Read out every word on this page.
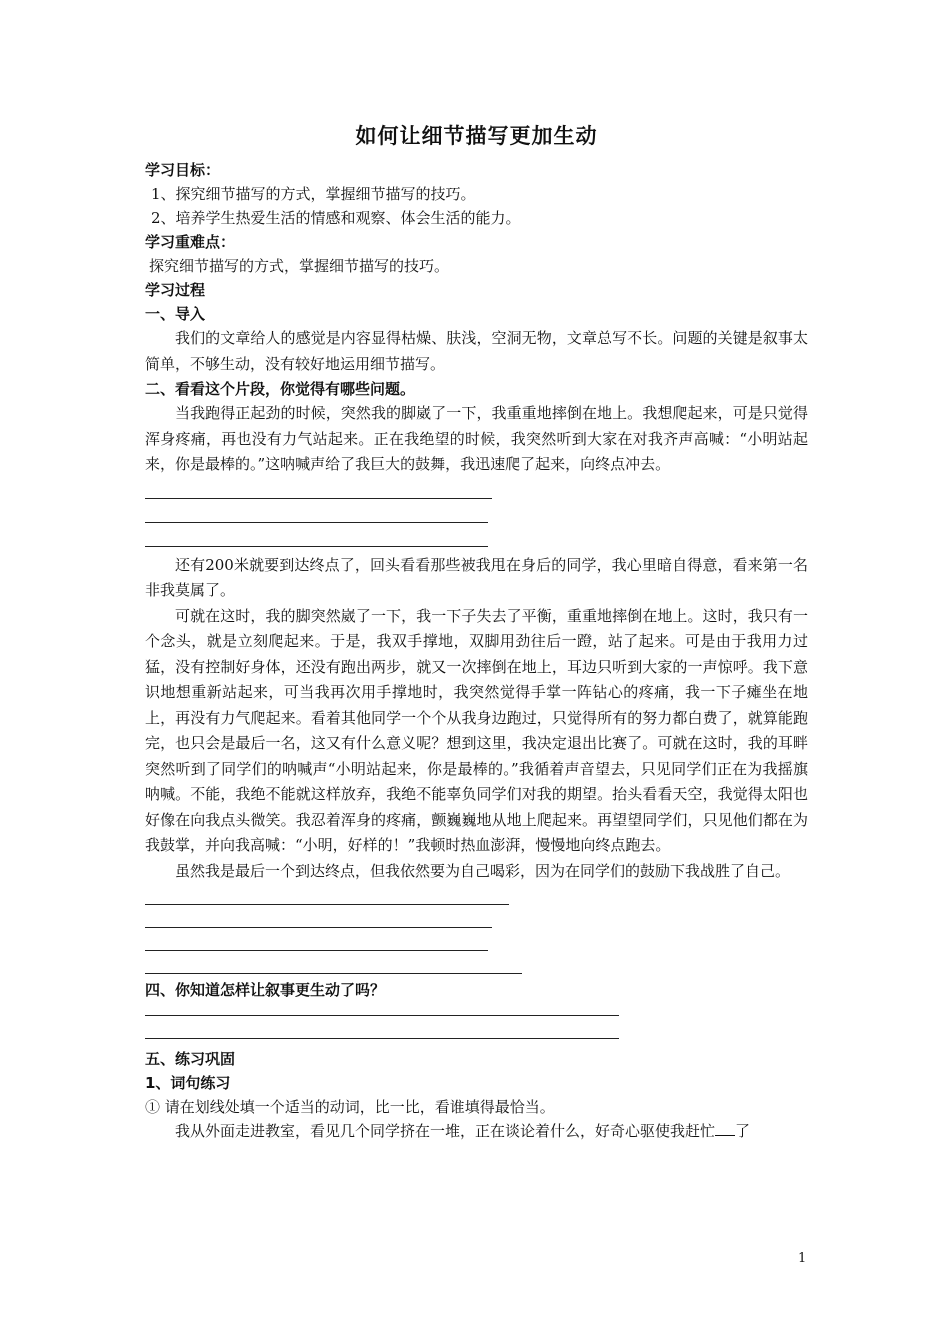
如何让细节描写更加生动
学习目标：
1、探究细节描写的方式，掌握细节描写的技巧。
2、培养学生热爱生活的情感和观察、体会生活的能力。
学习重难点：
探究细节描写的方式，掌握细节描写的技巧。
学习过程
一、导入

我们的文章给人的感觉是内容显得枯燥、肤浅，空洞无物，文章总写不长。问题的关键是叙事太简单，不够生动，没有较好地运用细节描写。

二、看看这个片段，你觉得有哪些问题。

当我跑得正起劲的时候，突然我的脚崴了一下，我重重地摔倒在地上。我想爬起来，可是只觉得浑身疼痛，再也没有力气站起来。正在我绝望的时候，我突然听到大家在对我齐声高喊：“小明站起来，你是最棒的。”这呐喊声给了我巨大的鼓舞，我迅速爬了起来，向终点冲去。

还有200米就要到达终点了，回头看看那些被我甩在身后的同学，我心里暗自得意，看来第一名非我莫属了。

可就在这时，我的脚突然崴了一下，我一下子失去了平衡，重重地摔倒在地上。这时，我只有一个念头，就是立刻爬起来。于是，我双手撑地，双脚用劲往后一蹬，站了起来。可是由于我用力过猛，没有控制好身体，还没有跑出两步，就又一次摔倒在地上，耳边只听到大家的一声惊呼。我下意识地想重新站起来，可当我再次用手撑地时，我突然觉得手掌一阵钻心的疼痛，我一下子瘫坐在地上，再没有力气爬起来。看着其他同学一个个从我身边跑过，只觉得所有的努力都白费了，就算能跑完，也只会是最后一名，这又有什么意义呢？想到这里，我决定退出比赛了。可就在这时，我的耳畔突然听到了同学们的呐喊声“小明站起来，你是最棒的。”我循着声音望去，只见同学们正在为我摇旗呐喊。不能，我绝不能就这样放弃，我绝不能辜负同学们对我的期望。抬头看看天空，我觉得太阳也好像在向我点头微笑。我忍着浑身的疼痛，颤巍巍地从地上爬起来。再望望同学们，只见他们都在为我鼓掌，并向我高喊：“小明，好样的！”我顿时热血澎湃，慢慢地向终点跑去。

虽然我是最后一个到达终点，但我依然要为自己喝彩，因为在同学们的鼓励下我战胜了自己。

四、你知道怎样让叙事更生动了吗？
五、练习巩固
1、词句练习
① 请在划线处填一个适当的动词，比一比，看谁填得最恰当。

我从外面走进教室，看见几个同学挤在一堆，正在谈论着什么，好奇心驱使我赶忙 了

1
